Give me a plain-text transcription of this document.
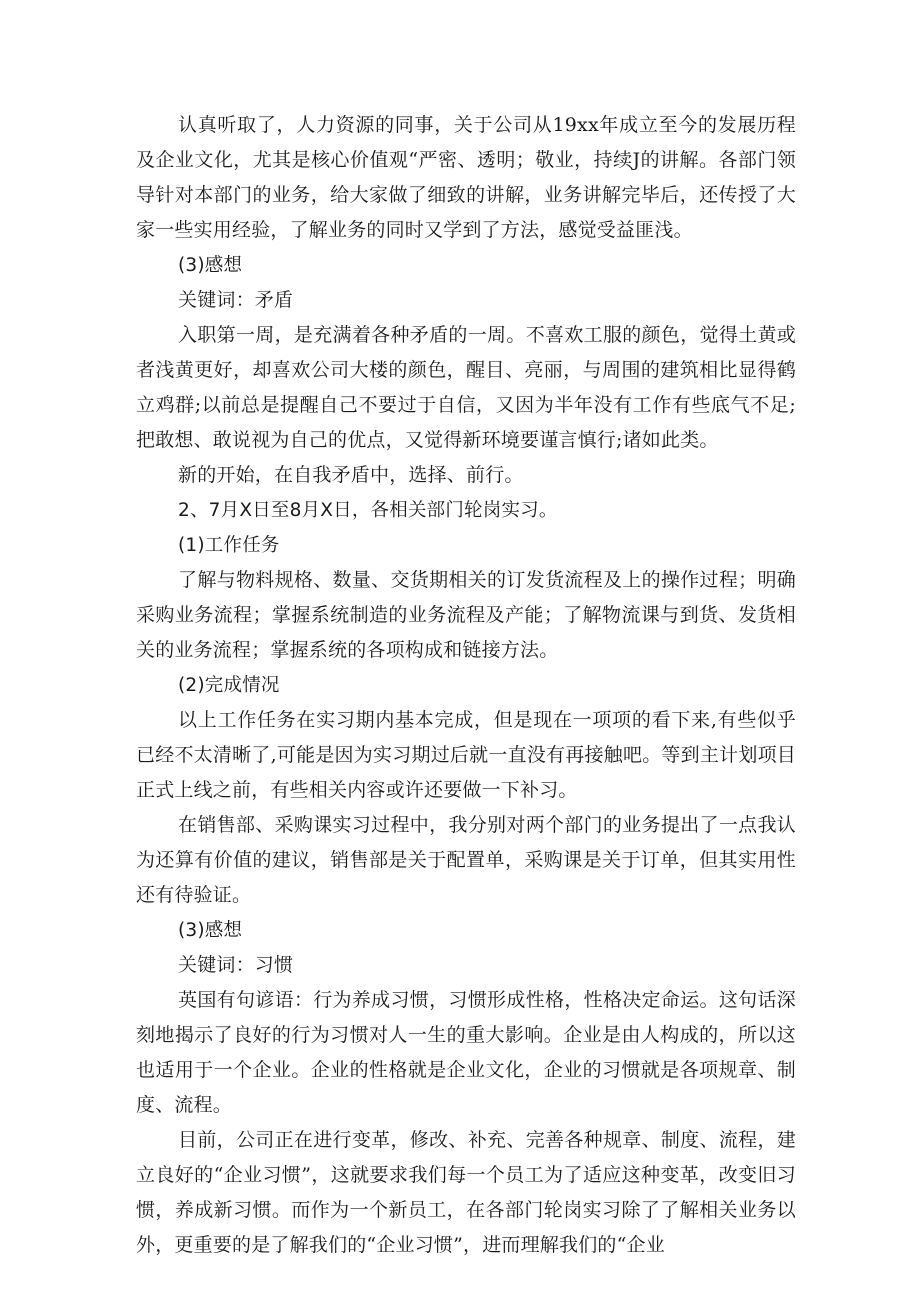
认真听取了，人力资源的同事，关于公司从19xx年成立至今的发展历程及企业文化，尤其是核心价值观“严密、透明；敬业，持续J的讲解。各部门领导针对本部门的业务，给大家做了细致的讲解，业务讲解完毕后，还传授了大家一些实用经验，了解业务的同时又学到了方法，感觉受益匪浅。

(3)感想

关键词：矛盾

入职第一周，是充满着各种矛盾的一周。不喜欢工服的颜色，觉得土黄或者浅黄更好，却喜欢公司大楼的颜色，醒目、亮丽，与周围的建筑相比显得鹤立鸡群;以前总是提醒自己不要过于自信，又因为半年没有工作有些底气不足;把敢想、敢说视为自己的优点，又觉得新环境要谨言慎行;诸如此类。

新的开始，在自我矛盾中，选择、前行。

2、7月X日至8月X日，各相关部门轮岗实习。

(1)工作任务

了解与物料规格、数量、交货期相关的订发货流程及上的操作过程；明确采购业务流程；掌握系统制造的业务流程及产能；了解物流课与到货、发货相关的业务流程；掌握系统的各项构成和链接方法。

(2)完成情况

以上工作任务在实习期内基本完成，但是现在一项项的看下来,有些似乎已经不太清晰了,可能是因为实习期过后就一直没有再接触吧。等到主计划项目正式上线之前，有些相关内容或许还要做一下补习。

在销售部、采购课实习过程中，我分别对两个部门的业务提出了一点我认为还算有价值的建议，销售部是关于配置单，采购课是关于订单，但其实用性还有待验证。

(3)感想

关键词：习惯

英国有句谚语：行为养成习惯，习惯形成性格，性格决定命运。这句话深刻地揭示了良好的行为习惯对人一生的重大影响。企业是由人构成的，所以这也适用于一个企业。企业的性格就是企业文化，企业的习惯就是各项规章、制度、流程。

目前，公司正在进行变革，修改、补充、完善各种规章、制度、流程，建立良好的“企业习惯”，这就要求我们每一个员工为了适应这种变革，改变旧习惯，养成新习惯。而作为一个新员工，在各部门轮岗实习除了了解相关业务以外，更重要的是了解我们的“企业习惯”，进而理解我们的“企业
